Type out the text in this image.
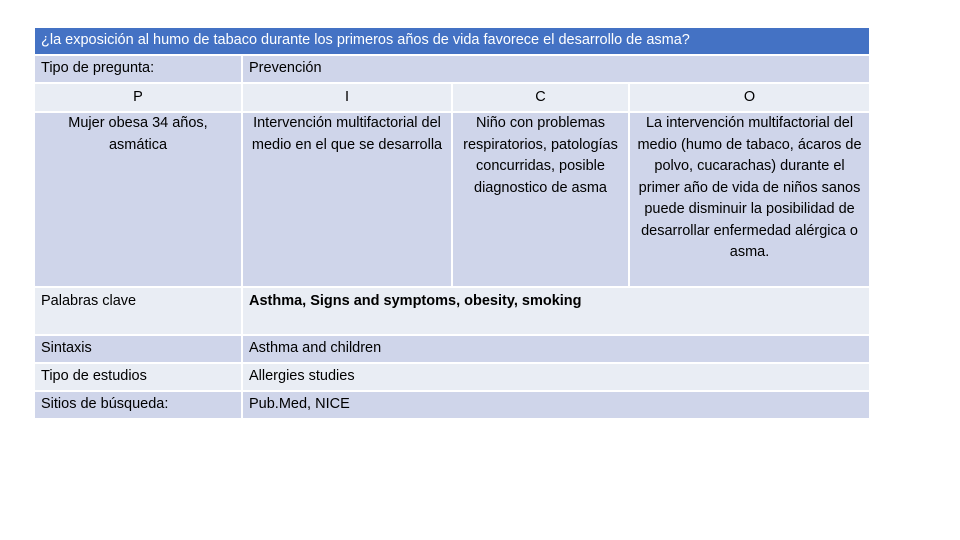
¿la exposición al humo de tabaco durante los primeros años de vida favorece el desarrollo de asma?			
Tipo de pregunta:	Prevención		
P	I	C	O
Mujer obesa 34 años, asmática	Intervención multifactorial del medio en el que se desarrolla	Niño con problemas respiratorios, patologías concurridas, posible diagnostico de asma	La intervención multifactorial del medio (humo de tabaco, ácaros de polvo, cucarachas) durante el primer año de vida de niños sanos puede disminuir la posibilidad de desarrollar enfermedad alérgica o asma.
Palabras clave	Asthma, Signs and symptoms, obesity, smoking		
Sintaxis	Asthma and children		
Tipo de estudios	Allergies studies		
Sitios de búsqueda:	Pub.Med, NICE		
